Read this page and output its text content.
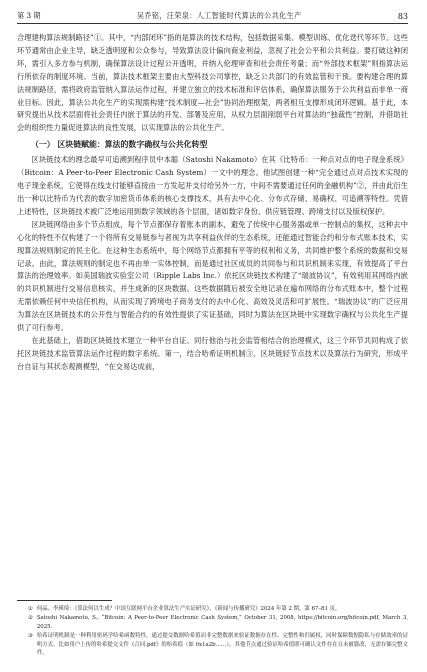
第 3 期	吴乔铭，汪荣泉：人工智能时代算法的公共化生产	83

合理建构算法规制路径”①。其中，“内部闭环”指的是算法的技术结构，包括数据采集、模型训练、优化迭代等环节。这些环节通常由企业主导，缺乏透明度和公众参与，导致算法设计偏向商业利益，忽视了社会公平和公共利益。要打破这种闭环，需引入多方参与机制，确保算法设计过程公开透明，并纳入伦理审查和社会责任考量；而“外部技术框架”则指算法运行所依存的制度环境。当前，算法技术框架主要由大型科技公司掌控，缺乏公共部门的有效监管和干预。要构建合理的算法规制路径，需将政府监管纳入算法运作过程，并建立独立的技术标准和评估体系，确保算法服务于公共利益而非单一商业目标。因此，算法公共化生产的实现需构建“技术制度—社会”协同治理框架，两者相互支撑形成闭环逻辑。基于此，本研究提出从技术层面将社会责任内嵌于算法的开发、部署及应用，从权力层面削弱平台对算法的“独裁性”控制，并借助社会的组织性力量促进算法的良性发展，以实现算法的公共化生产。

（一） 区块链赋能：算法的数字确权与公共化转型

区块链技术的理念最早可追溯到程序员中本聪（Satoshi Nakamoto）在其《比特币：一种点对点的电子现金系统》（Bitcoin：A Peer-to-Peer Electronic Cash System）一文中的理念。他试图创建一种“完全通过点对点技术实现的电子现金系统，它使得在线支付能够直接由一方发起并支付给另外一方，中间不需要通过任何的金融机构”②，并由此衍生出一种以比特币为代表的数字加密货币体系的核心支撑技术，具有去中心化、分布式存储、易确权、可追溯等特性。凭借上述特性，区块链技术被广泛地运用到数字领域的各个层面，诸如数字身份、供应链管理、跨境支付以及版权保护。

区块链网络由多个节点组成，每个节点都保存着账本的副本，避免了传统中心服务器或单一控制点的集权，这种去中心化的特性不仅构建了一个将所有交易链参与者视为共享利益伙伴的生态系统，还能通过智能合约和分布式账本技术，实现算法规则制定的民主化。在这种生态系统中，每个网络节点都拥有平等的权利和义务，共同维护整个系统的数据和交易记录。由此，算法规则的制定也不再由单一实体控制，而是通过社区成员的共同参与和共识机制来实现，有效提高了平台算法的治理效率。如美国瑞波实验室公司（Ripple Labs Inc.）依托区块链技术构建了“瑞波协议”，有效利用其网络内嵌的共识机制进行交易信息核实，并生成新的区块数据。这些数据随后被安全地记录在遍布网络的分布式账本中，整个过程无需依赖任何中央信任机构，从而实现了跨境电子商务支付的去中心化、高效及灵活和可扩展性。“瑞波协议”的广泛应用为算法在区块链技术的公开性与智能合约的有效性提供了实证基础，同时为算法在区块链中实现数字确权与公共化生产提供了可行参考。

在此基础上，借助区块链技术建立一种平台自证、同行他治与社会监管相结合的治理模式，这三个环节共同构成了依托区块链技术监管算法运作过程的数字系统。第一，结合哈希证明机制③、区块链轻节点技术以及算法行为研究，形成平台自证与其状态观测模型，“在交易达成前，

① 何晶、李瑛琦：《算法何以生成？中国互联网平台企业算法生产实证研究》，《新闻与传播研究》2024 年第 2 期，第 67–81 页。
② Satoshi Nakamoto, S., “Bitcoin: A Peer-to-Peer Electronic Cash System,” October 31, 2008, https://bitcoin.org/bitcoin.pdf, March 3, 2025.
③ 哈希证明机制是一种利用密码学哈希函数特性，通过提交数据哈希值而非完整数据来验证数据存在性、完整性和归属权，同时保障数据隐私与存储效率的证明方式。比如用户上传的哈希提交文件《合同.pdf》的哈希值（如 0x1a2b……），其他节点通过验证哈希值即可确认文件存在且未被篡改，无需存储完整文件。
